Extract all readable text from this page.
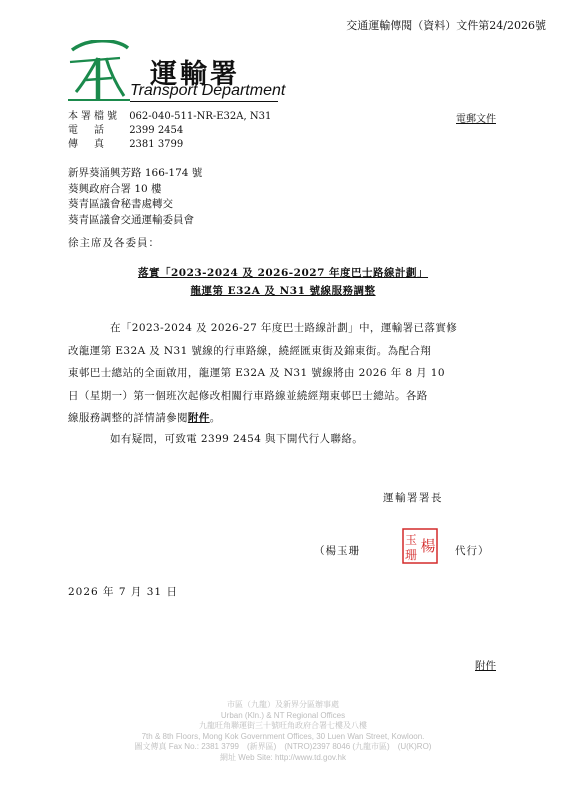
交通運輸傳閱（資料）文件第24/2026號
運輸署
Transport Department
本署檔號 062-040-511-NR-E32A, N31
電　話 2399 2454
傳　真 2381 3799
電郵文件
新界葵涌興芳路 166-174 號
葵興政府合署 10 樓
葵青區議會秘書處轉交
葵青區議會交通運輸委員會
徐主席及各委員：
落實「2023-2024 及 2026-2027 年度巴士路線計劃」
龍運第 E32A 及 N31 號線服務調整
在「2023-2024 及 2026-27 年度巴士路線計劃」中，運輸署已落實修
改龍運第 E32A 及 N31 號線的行車路線，繞經匯東街及錦東街。為配合翔
東邨巴士總站的全面啟用，龍運第 E32A 及 N31 號線將由 2026 年 8 月 10
日（星期一）第一個班次起修改相關行車路線並繞經翔東邨巴士總站。各路
線服務調整的詳情請參閱附件。
如有疑問，可致電 2399 2454 與下開代行人聯絡。
運輸署署長
（楊玉珊
玉
珊 楊 代行）
2026 年 7 月 31 日
附件
市區（九龍）及新界分區辦事處
Urban (Kln.) & NT Regional Offices
九龍旺角聯運街三十號旺角政府合署七樓及八樓
7th & 8th Floors, Mong Kok Government Offices, 30 Luen Wan Street, Kowloon.
圖文傳真 Fax No.: 2381 3799　(新界區)　(NTRO)2397 8046 (九龍市區)　(U(K)RO)
網址 Web Site: http://www.td.gov.hk
